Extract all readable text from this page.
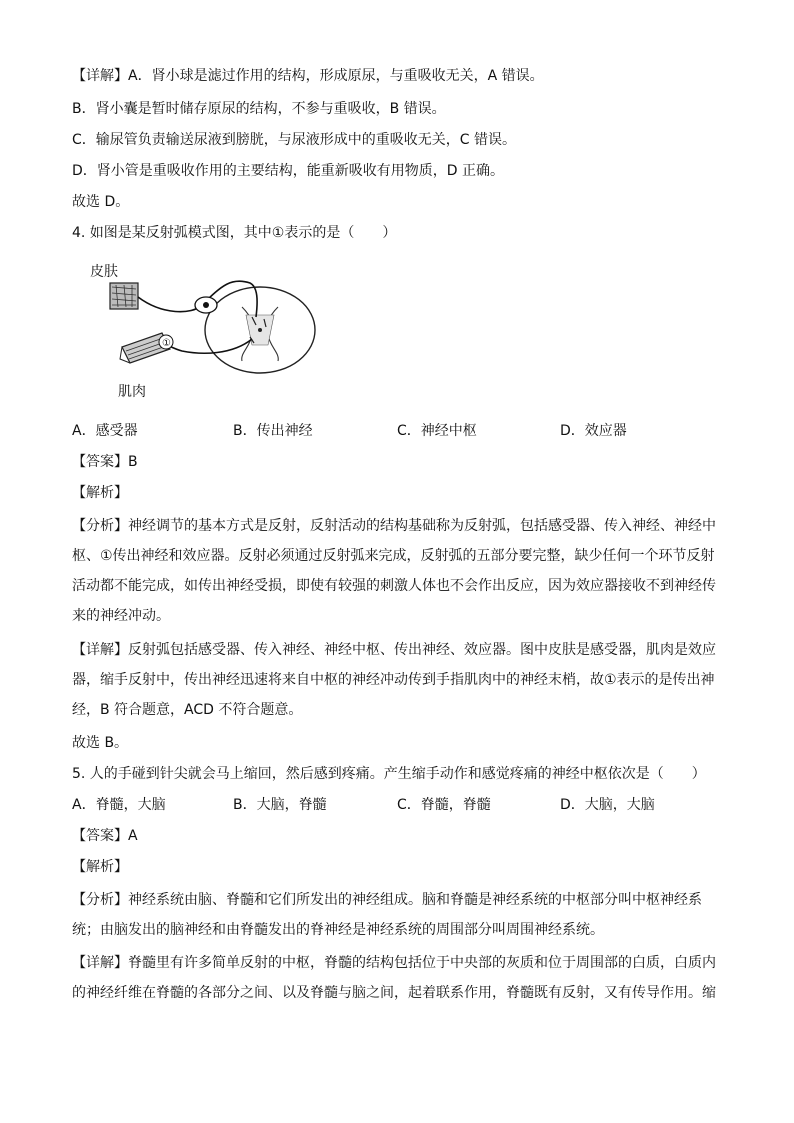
【详解】A．肾小球是滤过作用的结构，形成原尿，与重吸收无关，A 错误。
B．肾小囊是暂时储存原尿的结构，不参与重吸收，B 错误。
C．输尿管负责输送尿液到膀胱，与尿液形成中的重吸收无关，C 错误。
D．肾小管是重吸收作用的主要结构，能重新吸收有用物质，D 正确。
故选 D。
4. 如图是某反射弧模式图，其中①表示的是（　　）
皮肤
肌肉
①
A．感受器	B．传出神经	C．神经中枢	D．效应器
【答案】B
【解析】
【分析】神经调节的基本方式是反射，反射活动的结构基础称为反射弧，包括感受器、传入神经、神经中
枢、①传出神经和效应器。反射必须通过反射弧来完成，反射弧的五部分要完整，缺少任何一个环节反射
活动都不能完成，如传出神经受损，即使有较强的刺激人体也不会作出反应，因为效应器接收不到神经传
来的神经冲动。
【详解】反射弧包括感受器、传入神经、神经中枢、传出神经、效应器。图中皮肤是感受器，肌肉是效应
器，缩手反射中，传出神经迅速将来自中枢的神经冲动传到手指肌肉中的神经末梢，故①表示的是传出神
经，B 符合题意，ACD 不符合题意。
故选 B。
5. 人的手碰到针尖就会马上缩回，然后感到疼痛。产生缩手动作和感觉疼痛的神经中枢依次是（　　）
A．脊髓，大脑	B．大脑，脊髓	C．脊髓，脊髓	D．大脑，大脑
【答案】A
【解析】
【分析】神经系统由脑、脊髓和它们所发出的神经组成。脑和脊髓是神经系统的中枢部分叫中枢神经系
统；由脑发出的脑神经和由脊髓发出的脊神经是神经系统的周围部分叫周围神经系统。
【详解】脊髓里有许多简单反射的中枢，脊髓的结构包括位于中央部的灰质和位于周围部的白质，白质内
的神经纤维在脊髓的各部分之间、以及脊髓与脑之间，起着联系作用，脊髓既有反射，又有传导作用。缩
